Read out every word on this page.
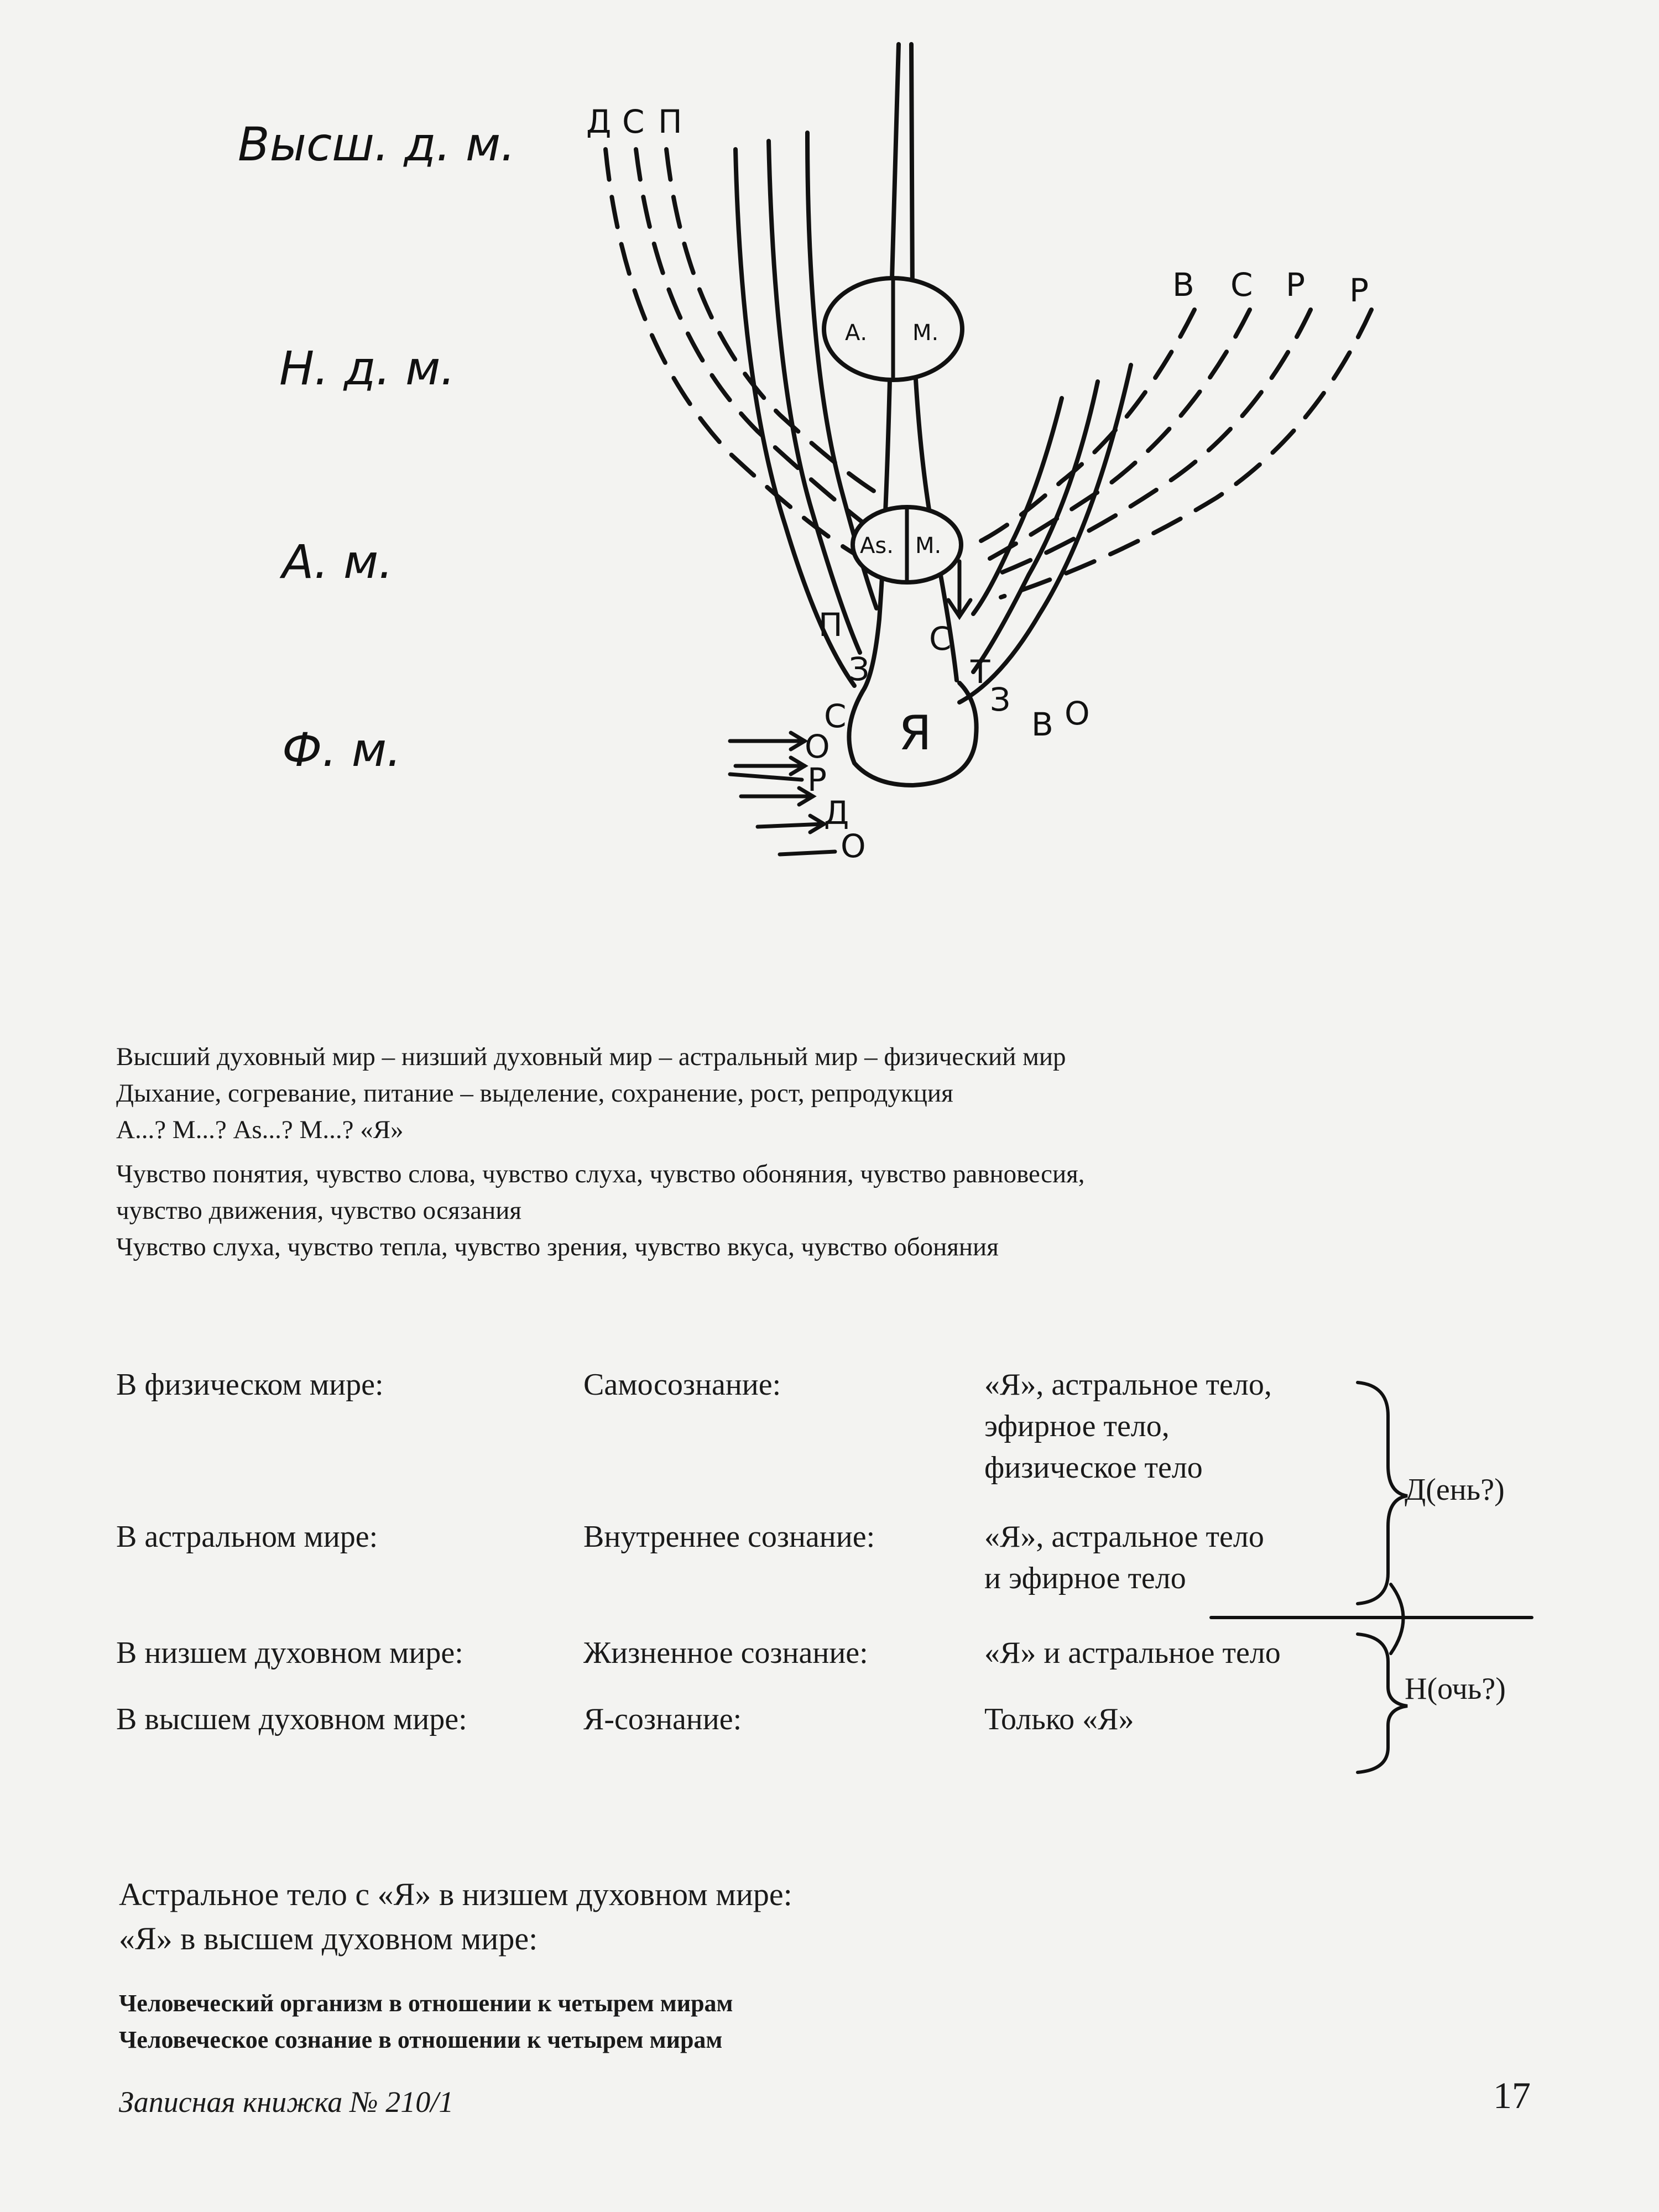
Высш. д. м.
Н. д. м.
А. м.
Ф. м.
Д С П
В С Р Р
А. М.
As. М.
Я
П
З
С
С
Т
З
В О
О
Р
Д
О

Высший духовный мир – низший духовный мир – астральный мир – физический мир

Дыхание, согревание, питание – выделение, сохранение, рост, репродукция

А...? М...? As...? М...? «Я»

Чувство понятия, чувство слова, чувство слуха, чувство обоняния, чувство равновесия,

чувство движения, чувство осязания

Чувство слуха, чувство тепла, чувство зрения, чувство вкуса, чувство обоняния

В физическом мире:	Самосознание:	«Я», астральное тело,
эфирное тело,
физическое тело
В астральном мире:	Внутреннее сознание:	«Я», астральное тело
и эфирное тело
В низшем духовном мире:	Жизненное сознание:	«Я» и астральное тело
В высшем духовном мире:	Я-сознание:	Только «Я»
Д(ень?)
Н(очь?)
Астральное тело с «Я» в низшем духовном мире:
«Я» в высшем духовном мире:
Человеческий организм в отношении к четырем мирам
Человеческое сознание в отношении к четырем мирам
Записная книжка № 210/1	17
